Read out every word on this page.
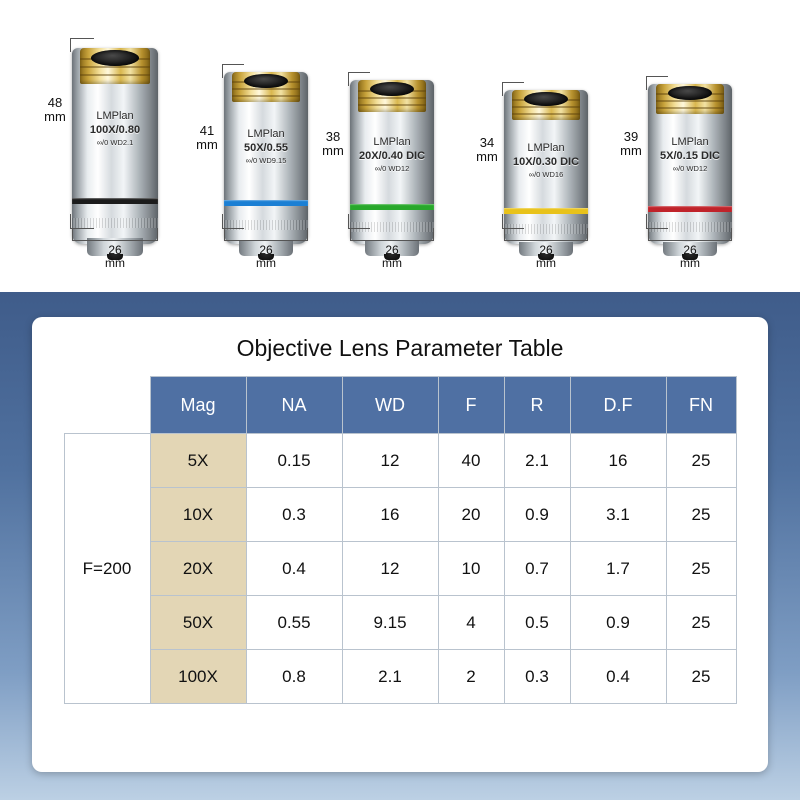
LMPlan
100X/0.80
∞/0 WD2.1
48
mm
26
mm
LMPlan
50X/0.55
∞/0 WD9.15
41
mm
26
mm
LMPlan
20X/0.40 DIC
∞/0 WD12
38
mm
26
mm
LMPlan
10X/0.30 DIC
∞/0 WD16
34
mm
26
mm
LMPlan
5X/0.15 DIC
∞/0 WD12
39
mm
26
mm
Objective Lens Parameter Table
	Mag	NA	WD	F	R	D.F	FN
F=200	5X	0.15	12	40	2.1	16	25
	10X	0.3	16	20	0.9	3.1	25
	20X	0.4	12	10	0.7	1.7	25
	50X	0.55	9.15	4	0.5	0.9	25
	100X	0.8	2.1	2	0.3	0.4	25
